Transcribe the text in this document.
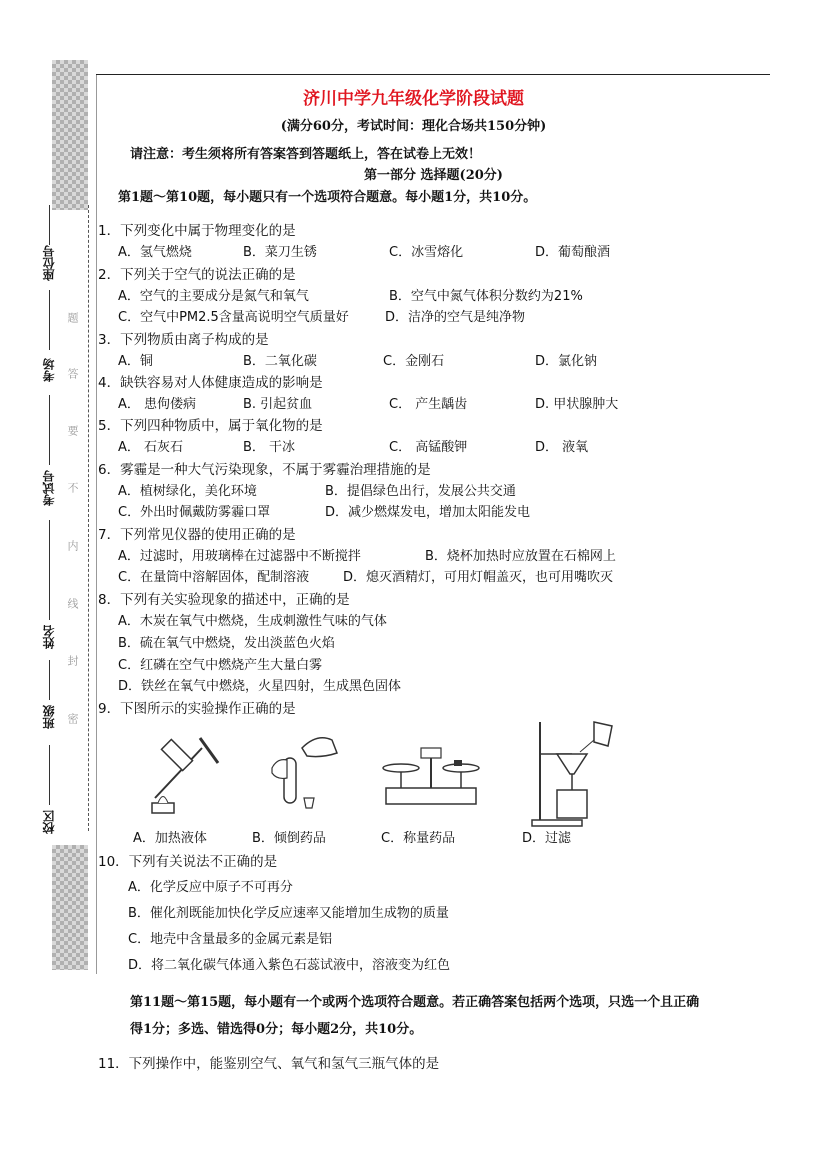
座位号
考场
考试号
姓名
班级
校区
题
答
要
不
内
线
封
密
济川中学九年级化学阶段试题
(满分60分，考试时间：理化合场共150分钟)
请注意：考生须将所有答案答到答题纸上，答在试卷上无效！
第一部分 选择题(20分)
第1题～第10题，每小题只有一个选项符合题意。每小题1分，共10分。
1．下列变化中属于物理变化的是
A．氢气燃烧	B．菜刀生锈	C．冰雪熔化	D．葡萄酿酒
2．下列关于空气的说法正确的是
A．空气的主要成分是氮气和氧气	B．空气中氮气体积分数约为21%
C．空气中PM2.5含量高说明空气质量好	D．洁净的空气是纯净物
3．下列物质由离子构成的是
A．铜	B．二氧化碳	C．金刚石	D．氯化钠
4．缺铁容易对人体健康造成的影响是
A． 患佝偻病	B. 引起贫血	C． 产生龋齿	D. 甲状腺肿大
5．下列四种物质中，属于氧化物的是
A． 石灰石	B． 干冰	C． 高锰酸钾	D． 液氧
6．雾霾是一种大气污染现象，不属于雾霾治理措施的是
A．植树绿化，美化环境	B．提倡绿色出行，发展公共交通
C．外出时佩戴防雾霾口罩	D．减少燃煤发电，增加太阳能发电
7．下列常见仪器的使用正确的是
A．过滤时，用玻璃棒在过滤器中不断搅拌	B．烧杯加热时应放置在石棉网上
C．在量筒中溶解固体，配制溶液	D．熄灭酒精灯，可用灯帽盖灭，也可用嘴吹灭
8．下列有关实验现象的描述中，正确的是
A．木炭在氧气中燃烧，生成刺激性气味的气体
B．硫在氧气中燃烧，发出淡蓝色火焰
C．红磷在空气中燃烧产生大量白雾
D．铁丝在氧气中燃烧，火星四射，生成黑色固体
9．下图所示的实验操作正确的是
A．加热液体	B．倾倒药品	C．称量药品	D．过滤
10．下列有关说法不正确的是
A．化学反应中原子不可再分
B．催化剂既能加快化学反应速率又能增加生成物的质量
C．地壳中含量最多的金属元素是铝
D．将二氧化碳气体通入紫色石蕊试液中，溶液变为红色
第11题～第15题，每小题有一个或两个选项符合题意。若正确答案包括两个选项，只选一个且正确
得1分；多选、错选得0分；每小题2分，共10分。
11．下列操作中，能鉴别空气、氧气和氢气三瓶气体的是
